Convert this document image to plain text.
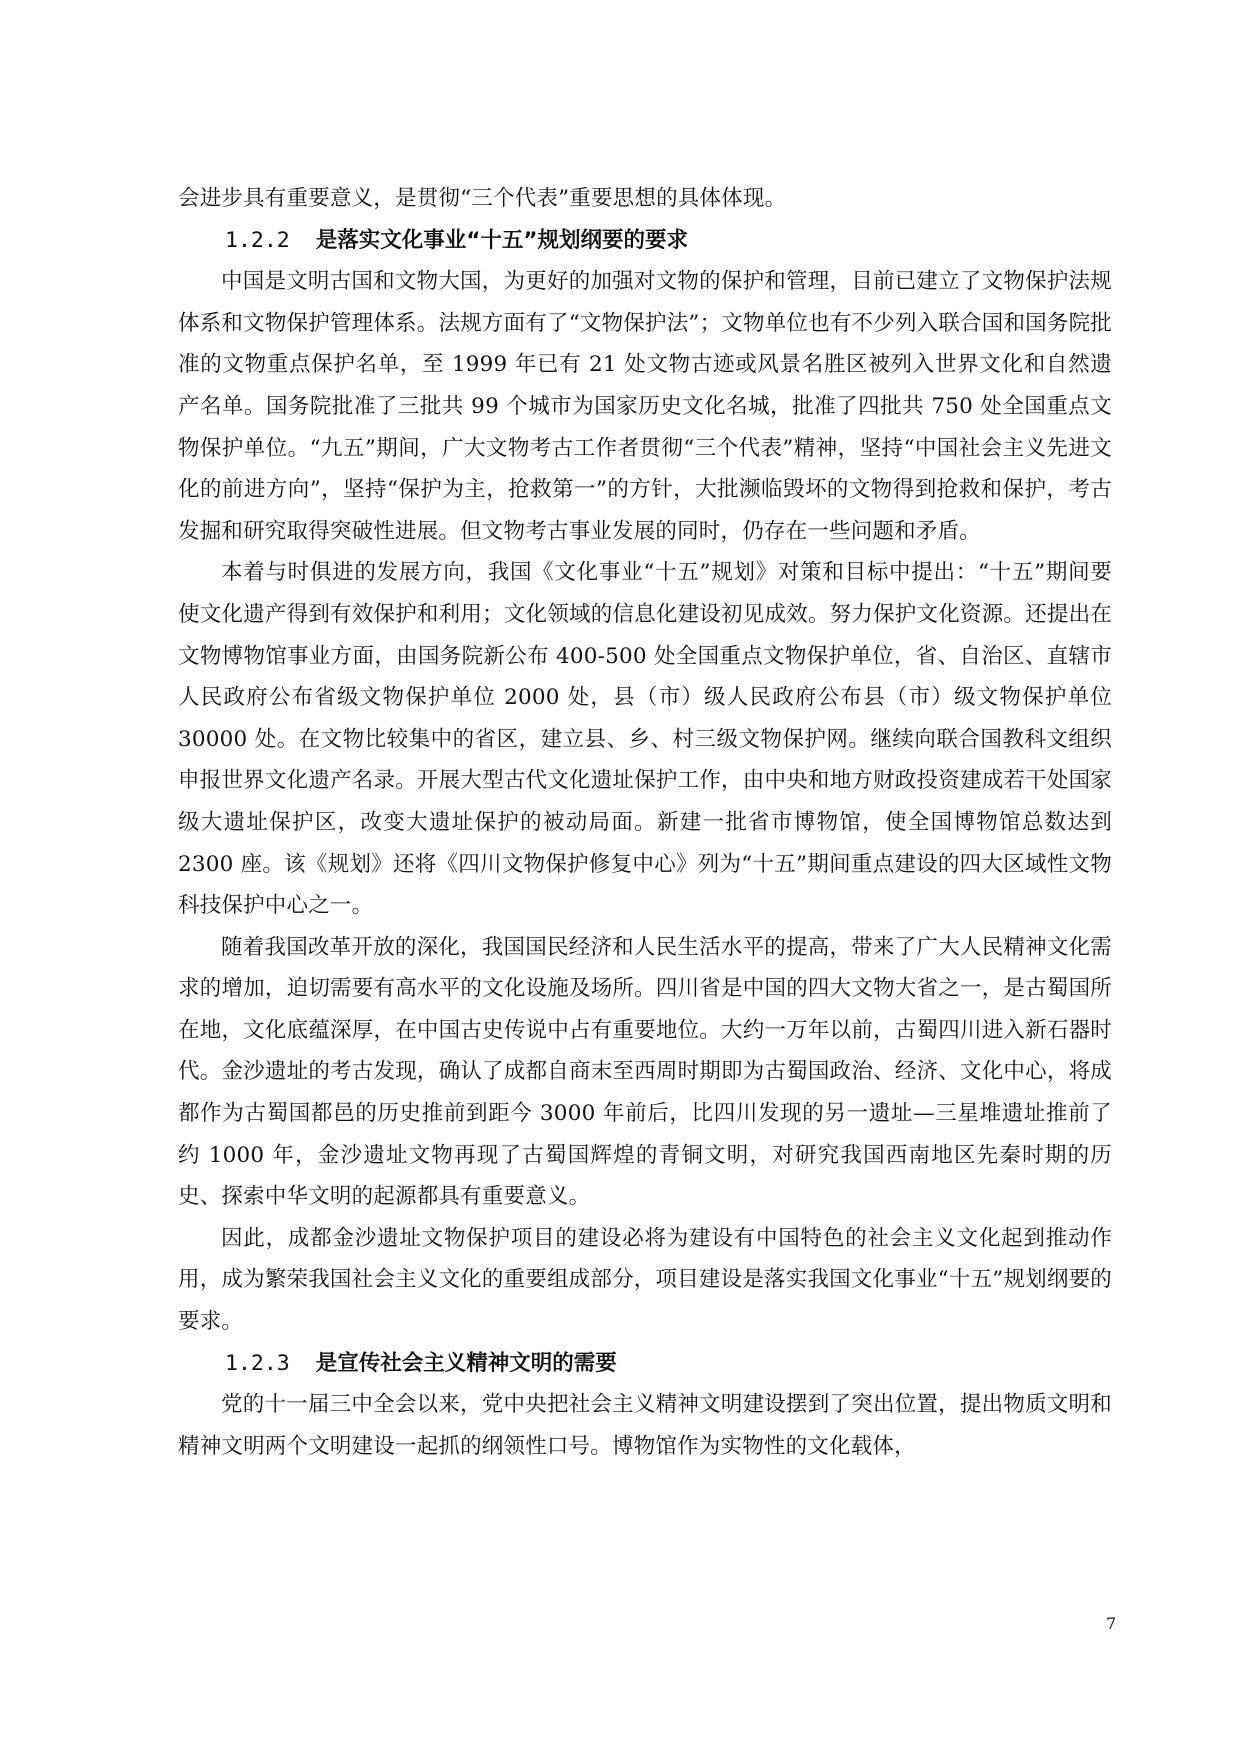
会进步具有重要意义，是贯彻“三个代表”重要思想的具体体现。

1.2.2 是落实文化事业“十五”规划纲要的要求

中国是文明古国和文物大国，为更好的加强对文物的保护和管理，目前已建立了文物保护法规体系和文物保护管理体系。法规方面有了“文物保护法”；文物单位也有不少列入联合国和国务院批准的文物重点保护名单，至 1999 年已有 21 处文物古迹或风景名胜区被列入世界文化和自然遗产名单。国务院批准了三批共 99 个城市为国家历史文化名城，批准了四批共 750 处全国重点文物保护单位。“九五”期间，广大文物考古工作者贯彻“三个代表”精神，坚持“中国社会主义先进文化的前进方向”，坚持“保护为主，抢救第一”的方针，大批濒临毁坏的文物得到抢救和保护，考古发掘和研究取得突破性进展。但文物考古事业发展的同时，仍存在一些问题和矛盾。

本着与时俱进的发展方向，我国《文化事业“十五”规划》对策和目标中提出：“十五”期间要使文化遗产得到有效保护和利用；文化领域的信息化建设初见成效。努力保护文化资源。还提出在文物博物馆事业方面，由国务院新公布 400-500 处全国重点文物保护单位，省、自治区、直辖市人民政府公布省级文物保护单位 2000 处，县（市）级人民政府公布县（市）级文物保护单位 30000 处。在文物比较集中的省区，建立县、乡、村三级文物保护网。继续向联合国教科文组织申报世界文化遗产名录。开展大型古代文化遗址保护工作，由中央和地方财政投资建成若干处国家级大遗址保护区，改变大遗址保护的被动局面。新建一批省市博物馆，使全国博物馆总数达到 2300 座。该《规划》还将《四川文物保护修复中心》列为“十五”期间重点建设的四大区域性文物科技保护中心之一。

随着我国改革开放的深化，我国国民经济和人民生活水平的提高，带来了广大人民精神文化需求的增加，迫切需要有高水平的文化设施及场所。四川省是中国的四大文物大省之一，是古蜀国所在地，文化底蕴深厚，在中国古史传说中占有重要地位。大约一万年以前，古蜀四川进入新石器时代。金沙遗址的考古发现，确认了成都自商末至西周时期即为古蜀国政治、经济、文化中心，将成都作为古蜀国都邑的历史推前到距今 3000 年前后，比四川发现的另一遗址—三星堆遗址推前了约 1000 年，金沙遗址文物再现了古蜀国辉煌的青铜文明，对研究我国西南地区先秦时期的历史、探索中华文明的起源都具有重要意义。

因此，成都金沙遗址文物保护项目的建设必将为建设有中国特色的社会主义文化起到推动作用，成为繁荣我国社会主义文化的重要组成部分，项目建设是落实我国文化事业“十五”规划纲要的要求。

1.2.3 是宣传社会主义精神文明的需要

党的十一届三中全会以来，党中央把社会主义精神文明建设摆到了突出位置，提出物质文明和精神文明两个文明建设一起抓的纲领性口号。博物馆作为实物性的文化载体，

7
